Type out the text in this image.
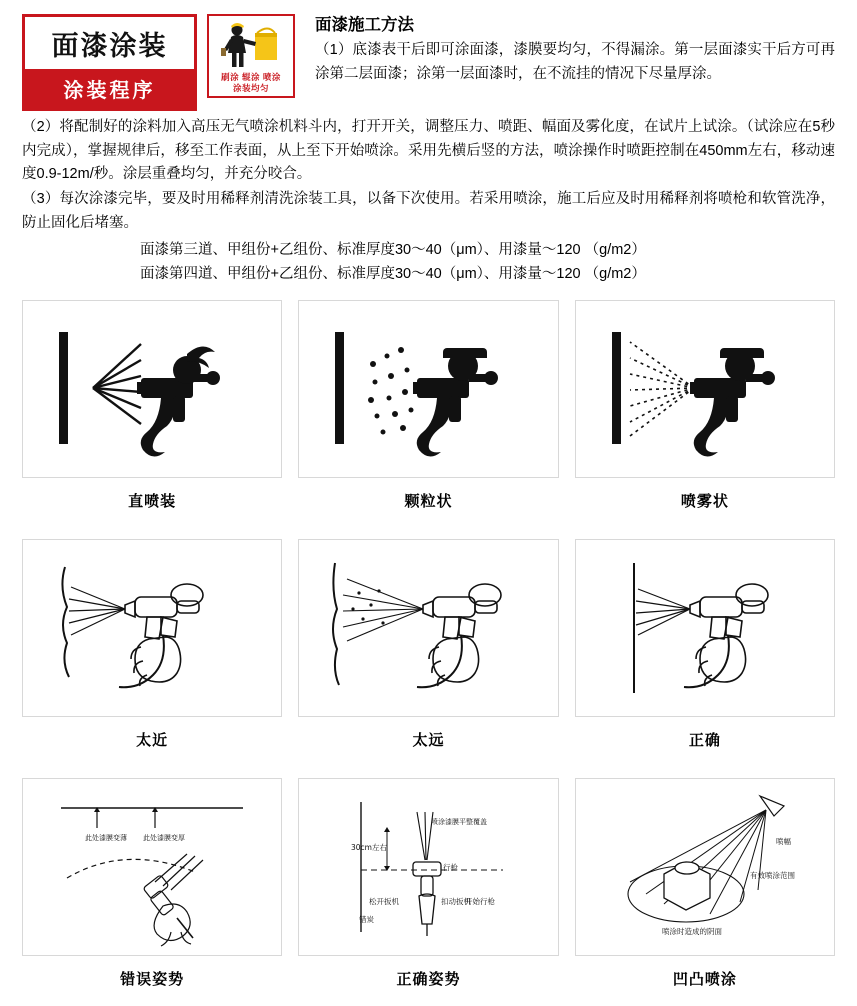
面漆涂装
涂装程序
刷涂 辊涂 喷涂
涂装均匀
面漆施工方法
（1）底漆表干后即可涂面漆，漆膜要均匀，不得漏涂。第一层面漆实干后方可再涂第二层面漆；涂第一层面漆时，在不流挂的情况下尽量厚涂。

（2）将配制好的涂料加入高压无气喷涂机料斗内，打开开关，调整压力、喷距、幅面及雾化度，在试片上试涂。（试涂应在5秒内完成），掌握规律后，移至工作表面，从上至下开始喷涂。采用先横后竖的方法，喷涂操作时喷距控制在450mm左右，移动速度0.9-12m/秒。涂层重叠均匀，并充分咬合。

（3）每次涂漆完毕，要及时用稀释剂清洗涂装工具，以备下次使用。若采用喷涂，施工后应及时用稀释剂将喷枪和软管洗净，防止固化后堵塞。

面漆第三道、甲组份+乙组份、标准厚度30～40（μm）、用漆量～120 （g/m2）
面漆第四道、甲组份+乙组份、标准厚度30～40（μm）、用漆量～120 （g/m2）
直喷装	颗粒状	喷雾状
太近	太远	正确
此处漆膜变薄 此处漆膜变厚
错误姿势
30cm左右
喷涂漆膜平整覆盖
行枪
松开扳机	扣动扳机
错炭
开始行枪
正确姿势
喷幅
有效喷涂范围
喷涂时造成的阴面
凹凸喷涂
